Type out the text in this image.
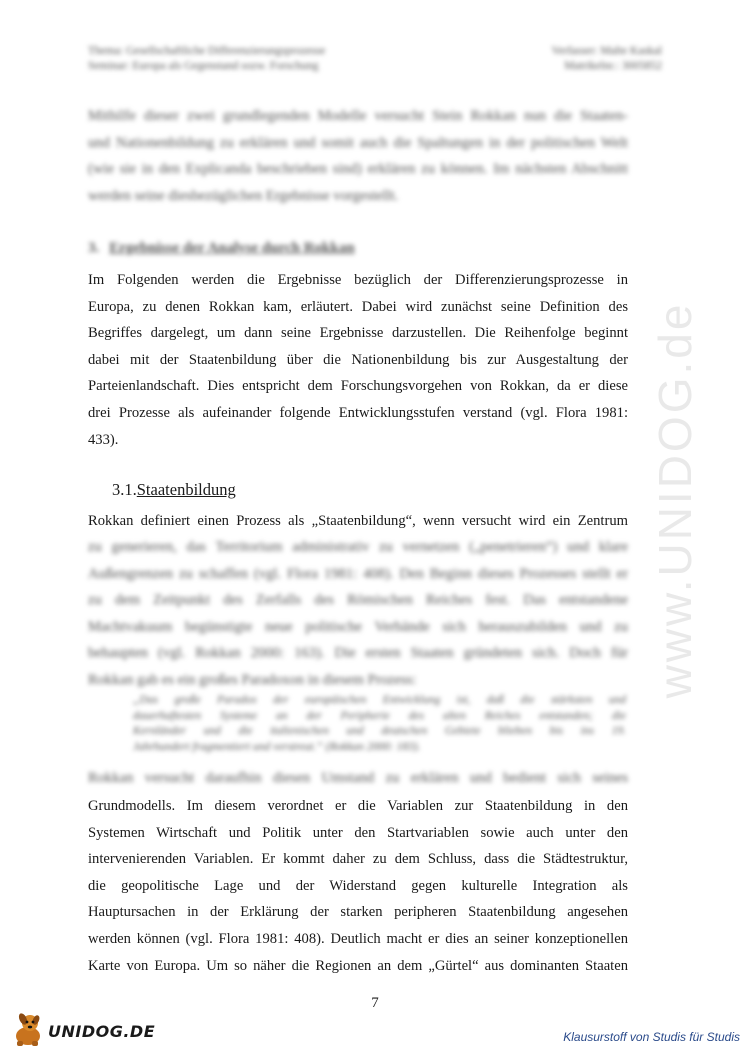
Thema: Gesellschaftliche Differenzierungsprozesse
Seminar: Europa als Gegenstand sozw. Forschung
Verfasser: Malte Kaskal
Matrikelnr.: 3005852
Mithilfe dieser zwei grundlegenden Modelle versucht Stein Rokkan nun die Staaten-
und Nationenbildung zu erklären und somit auch die Spaltungen in der politischen Welt
(wie sie in den Explicanda beschrieben sind) erklären zu können. Im nächsten Abschnitt
werden seine diesbezüglichen Ergebnisse vorgestellt.
3. Ergebnisse der Analyse durch Rokkan
Im Folgenden werden die Ergebnisse bezüglich der Differenzierungsprozesse in
Europa, zu denen Rokkan kam, erläutert. Dabei wird zunächst seine Definition des
Begriffes dargelegt, um dann seine Ergebnisse darzustellen. Die Reihenfolge beginnt
dabei mit der Staatenbildung über die Nationenbildung bis zur Ausgestaltung der
Parteienlandschaft. Dies entspricht dem Forschungsvorgehen von Rokkan, da er diese
drei Prozesse als aufeinander folgende Entwicklungsstufen verstand (vgl. Flora 1981:
433).
3.1.Staatenbildung
Rokkan definiert einen Prozess als „Staatenbildung“, wenn versucht wird ein Zentrum
zu generieren, das Territorium administrativ zu vernetzen („penetrieren“) und klare
Außengrenzen zu schaffen (vgl. Flora 1981: 408). Den Beginn dieses Prozesses stellt er
zu dem Zeitpunkt des Zerfalls des Römischen Reiches fest. Das entstandene
Machtvakuum begünstigte neue politische Verbände sich herauszubilden und zu
behaupten (vgl. Rokkan 2000: 163). Die ersten Staaten gründeten sich. Doch für
Rokkan gab es ein großes Paradoxon in diesem Prozess:
„Das große Paradox der europäischen Entwicklung ist, daß die stärksten und
dauerhaftesten Systeme an der Peripherie des alten Reiches entstanden; die
Kernländer und die italienischen und deutschen Gebiete blieben bis ins 19.
Jahrhundert fragmentiert und verstreut.“ (Rokkan 2000: 183).
Rokkan versucht daraufhin diesen Umstand zu erklären und bedient sich seines
Grundmodells. Im diesem verordnet er die Variablen zur Staatenbildung in den
Systemen Wirtschaft und Politik unter den Startvariablen sowie auch unter den
intervenierenden Variablen. Er kommt daher zu dem Schluss, dass die Städtestruktur,
die geopolitische Lage und der Widerstand gegen kulturelle Integration als
Hauptursachen in der Erklärung der starken peripheren Staatenbildung angesehen
werden können (vgl. Flora 1981: 408). Deutlich macht er dies an seiner konzeptionellen
Karte von Europa. Um so näher die Regionen an dem „Gürtel“ aus dominanten Staaten
www.UNIDOG.de
7
UNIDOG.DE	Klausurstoff von Studis für Studis
